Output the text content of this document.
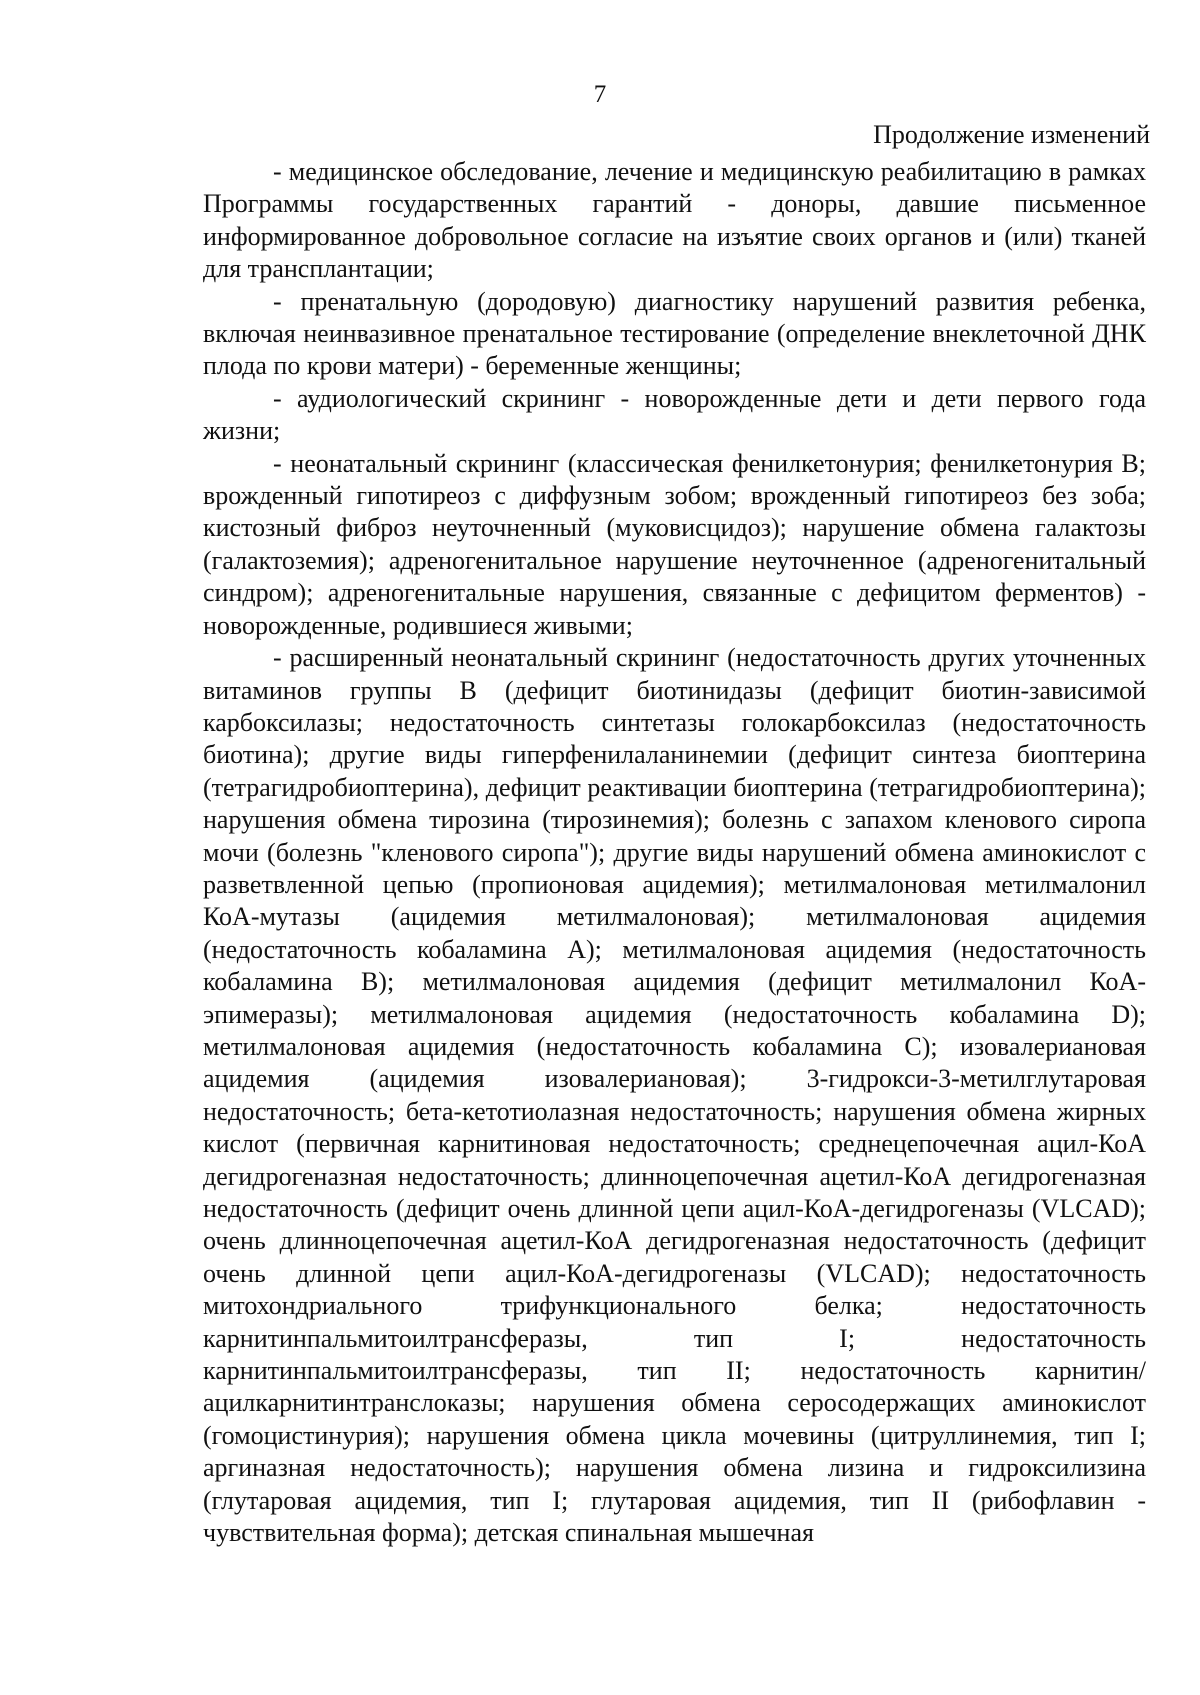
7
Продолжение изменений

- медицинское обследование, лечение и медицинскую реабилитацию в рамках Программы государственных гарантий - доноры, давшие письменное информированное добровольное согласие на изъятие своих органов и (или) тканей для трансплантации;

- пренатальную (дородовую) диагностику нарушений развития ребенка, включая неинвазивное пренатальное тестирование (определение внеклеточной ДНК плода по крови матери) - беременные женщины;

- аудиологический скрининг - новорожденные дети и дети первого года жизни;

- неонатальный скрининг (классическая фенилкетонурия; фенилкетонурия B; врожденный гипотиреоз с диффузным зобом; врожденный гипотиреоз без зоба; кистозный фиброз неуточненный (муковисцидоз); нарушение обмена галактозы (галактоземия); адреногенитальное нарушение неуточненное (адреногенитальный синдром); адреногенитальные нарушения, связанные с дефицитом ферментов) - новорожденные, родившиеся живыми;

- расширенный неонатальный скрининг (недостаточность других уточненных витаминов группы B (дефицит биотинидазы (дефицит биотин-зависимой карбоксилазы; недостаточность синтетазы голокарбоксилаз (недостаточность биотина); другие виды гиперфенилаланинемии (дефицит синтеза биоптерина (тетрагидробиоптерина), дефицит реактивации биоптерина (тетрагидробиоптерина); нарушения обмена тирозина (тирозинемия); болезнь с запахом кленового сиропа мочи (болезнь "кленового сиропа"); другие виды нарушений обмена аминокислот с разветвленной цепью (пропионовая ацидемия); метилмалоновая метилмалонил КоА-мутазы (ацидемия метилмалоновая); метилмалоновая ацидемия (недостаточность кобаламина A); метилмалоновая ацидемия (недостаточность кобаламина B); метилмалоновая ацидемия (дефицит метилмалонил КоА-эпимеразы); метилмалоновая ацидемия (недостаточность кобаламина D); метилмалоновая ацидемия (недостаточность кобаламина C); изовалериановая ацидемия (ацидемия изовалериановая); 3-гидрокси-3-метилглутаровая недостаточность; бета-кетотиолазная недостаточность; нарушения обмена жирных кислот (первичная карнитиновая недостаточность; среднецепочечная ацил-КоА дегидрогеназная недостаточность; длинноцепочечная ацетил-КоА дегидрогеназная недостаточность (дефицит очень длинной цепи ацил-КоА-дегидрогеназы (VLCAD); очень длинноцепочечная ацетил-КоА дегидрогеназная недостаточность (дефицит очень длинной цепи ацил-КоА-дегидрогеназы (VLCAD); недостаточность митохондриального трифункционального белка; недостаточность карнитинпальмитоилтрансферазы, тип I; недостаточность карнитинпальмитоилтрансферазы, тип II; недостаточность карнитин/ацилкарнитинтранслоказы; нарушения обмена серосодержащих аминокислот (гомоцистинурия); нарушения обмена цикла мочевины (цитруллинемия, тип I; аргиназная недостаточность); нарушения обмена лизина и гидроксилизина (глутаровая ацидемия, тип I; глутаровая ацидемия, тип II (рибофлавин - чувствительная форма); детская спинальная мышечная
